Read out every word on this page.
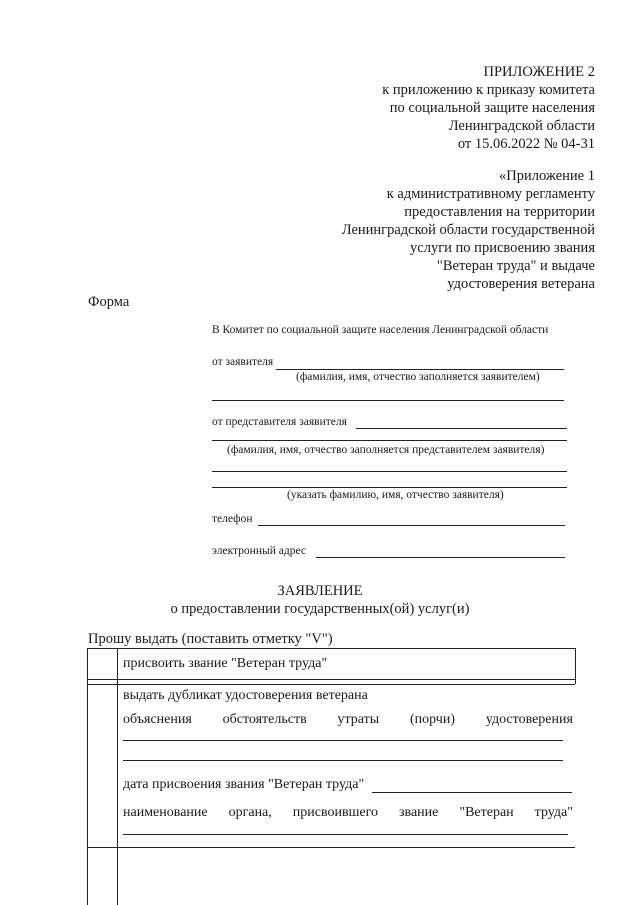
ПРИЛОЖЕНИЕ 2
к приложению к приказу комитета
по социальной защите населения
Ленинградской области
от 15.06.2022 № 04-31
«Приложение 1
к административному регламенту
предоставления на территории
Ленинградской области государственной
услуги по присвоению звания
"Ветеран труда" и выдаче
удостоверения ветерана
Форма
В Комитет по социальной защите населения Ленинградской области
от заявителя
(фамилия, имя, отчество заполняется заявителем)
от представителя заявителя
(фамилия, имя, отчество заполняется представителем заявителя)
(указать фамилию, имя, отчество заявителя)
телефон
электронный адрес
ЗАЯВЛЕНИЕ
о предоставлении государственных(ой) услуг(и)
Прошу выдать (поставить отметку "V")
присвоить звание "Ветеран труда"
выдать дубликат удостоверения ветерана
объяснения обстоятельств утраты (порчи) удостоверения
дата присвоения звания "Ветеран труда"
наименование органа, присвоившего звание "Ветеран труда"
